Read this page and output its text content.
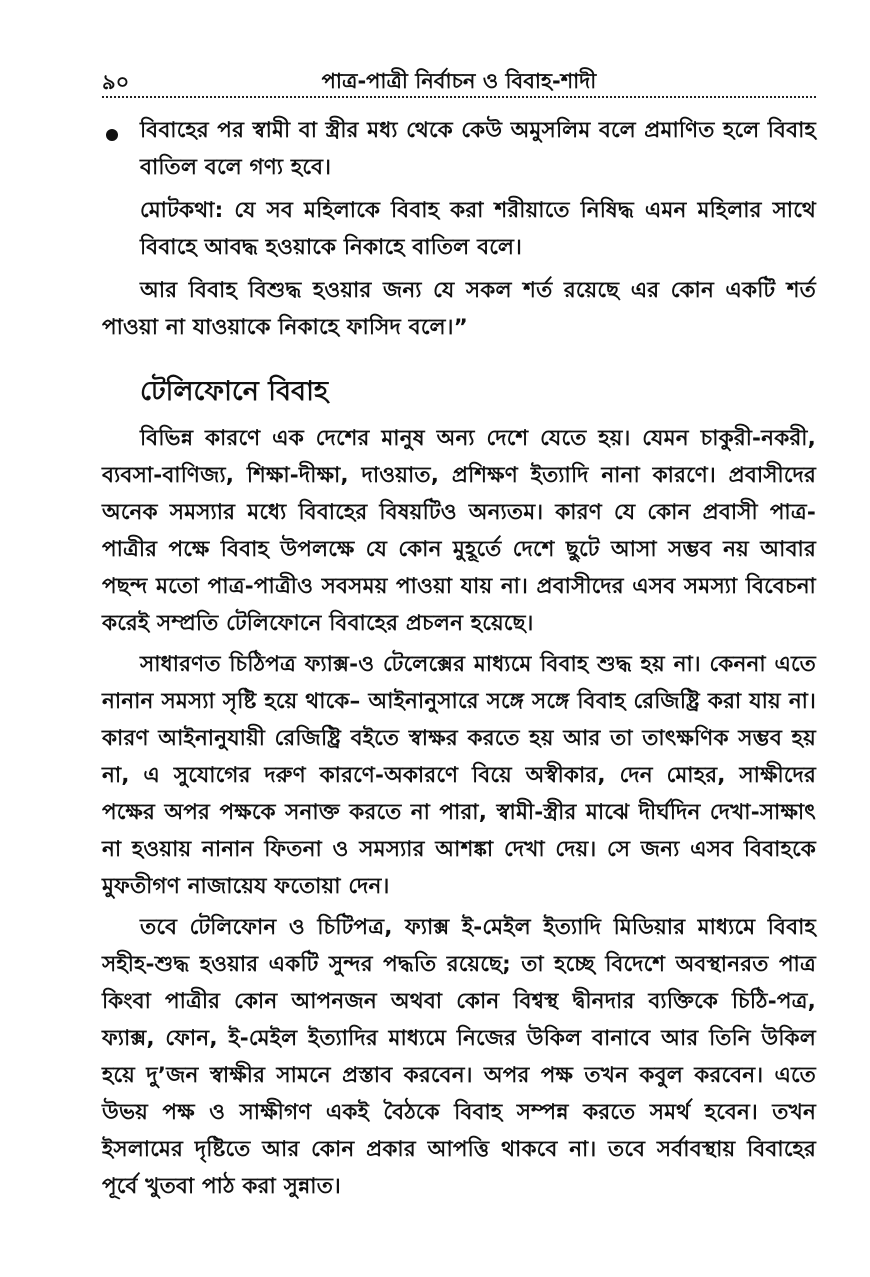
৯০	পাত্র-পাত্রী নির্বাচন ও বিবাহ-শাদী

বিবাহের পর স্বামী বা স্ত্রীর মধ্য থেকে কেউ অমুসলিম বলে প্রমাণিত হলে বিবাহ বাতিল বলে গণ্য হবে।

মোটকথা: যে সব মহিলাকে বিবাহ করা শরীয়াতে নিষিদ্ধ এমন মহিলার সাথে বিবাহে আবদ্ধ হওয়াকে নিকাহে বাতিল বলে।

আর বিবাহ বিশুদ্ধ হওয়ার জন্য যে সকল শর্ত রয়েছে এর কোন একটি শর্ত পাওয়া না যাওয়াকে নিকাহে ফাসিদ বলে।”

টেলিফোনে বিবাহ

বিভিন্ন কারণে এক দেশের মানুষ অন্য দেশে যেতে হয়। যেমন চাকুরী-নকরী, ব্যবসা-বাণিজ্য, শিক্ষা-দীক্ষা, দাওয়াত, প্রশিক্ষণ ইত্যাদি নানা কারণে। প্রবাসীদের অনেক সমস্যার মধ্যে বিবাহের বিষয়টিও অন্যতম। কারণ যে কোন প্রবাসী পাত্র-পাত্রীর পক্ষে বিবাহ উপলক্ষে যে কোন মুহূর্তে দেশে ছুটে আসা সম্ভব নয় আবার পছন্দ মতো পাত্র-পাত্রীও সবসময় পাওয়া যায় না। প্রবাসীদের এসব সমস্যা বিবেচনা করেই সম্প্রতি টেলিফোনে বিবাহের প্রচলন হয়েছে।

সাধারণত চিঠিপত্র ফ্যাক্স-ও টেলেক্সের মাধ্যমে বিবাহ শুদ্ধ হয় না। কেননা এতে নানান সমস্যা সৃষ্টি হয়ে থাকে– আইনানুসারে সঙ্গে সঙ্গে বিবাহ রেজিষ্ট্রি করা যায় না। কারণ আইনানুযায়ী রেজিষ্ট্রি বইতে স্বাক্ষর করতে হয় আর তা তাৎক্ষণিক সম্ভব হয় না, এ সুযোগের দরুণ কারণে-অকারণে বিয়ে অস্বীকার, দেন মোহর, সাক্ষীদের পক্ষের অপর পক্ষকে সনাক্ত করতে না পারা, স্বামী-স্ত্রীর মাঝে দীর্ঘদিন দেখা-সাক্ষাৎ না হওয়ায় নানান ফিতনা ও সমস্যার আশঙ্কা দেখা দেয়। সে জন্য এসব বিবাহকে মুফতীগণ নাজায়েয ফতোয়া দেন।

তবে টেলিফোন ও চিটিপত্র, ফ্যাক্স ই-মেইল ইত্যাদি মিডিয়ার মাধ্যমে বিবাহ সহীহ-শুদ্ধ হওয়ার একটি সুন্দর পদ্ধতি রয়েছে; তা হচ্ছে বিদেশে অবস্থানরত পাত্র কিংবা পাত্রীর কোন আপনজন অথবা কোন বিশ্বস্থ দ্বীনদার ব্যক্তিকে চিঠি-পত্র, ফ্যাক্স, ফোন, ই-মেইল ইত্যাদির মাধ্যমে নিজের উকিল বানাবে আর তিনি উকিল হয়ে দু’জন স্বাক্ষীর সামনে প্রস্তাব করবেন। অপর পক্ষ তখন কবুল করবেন। এতে উভয় পক্ষ ও সাক্ষীগণ একই বৈঠকে বিবাহ সম্পন্ন করতে সমর্থ হবেন। তখন ইসলামের দৃষ্টিতে আর কোন প্রকার আপত্তি থাকবে না। তবে সর্বাবস্থায় বিবাহের পূর্বে খুতবা পাঠ করা সুন্নাত।
